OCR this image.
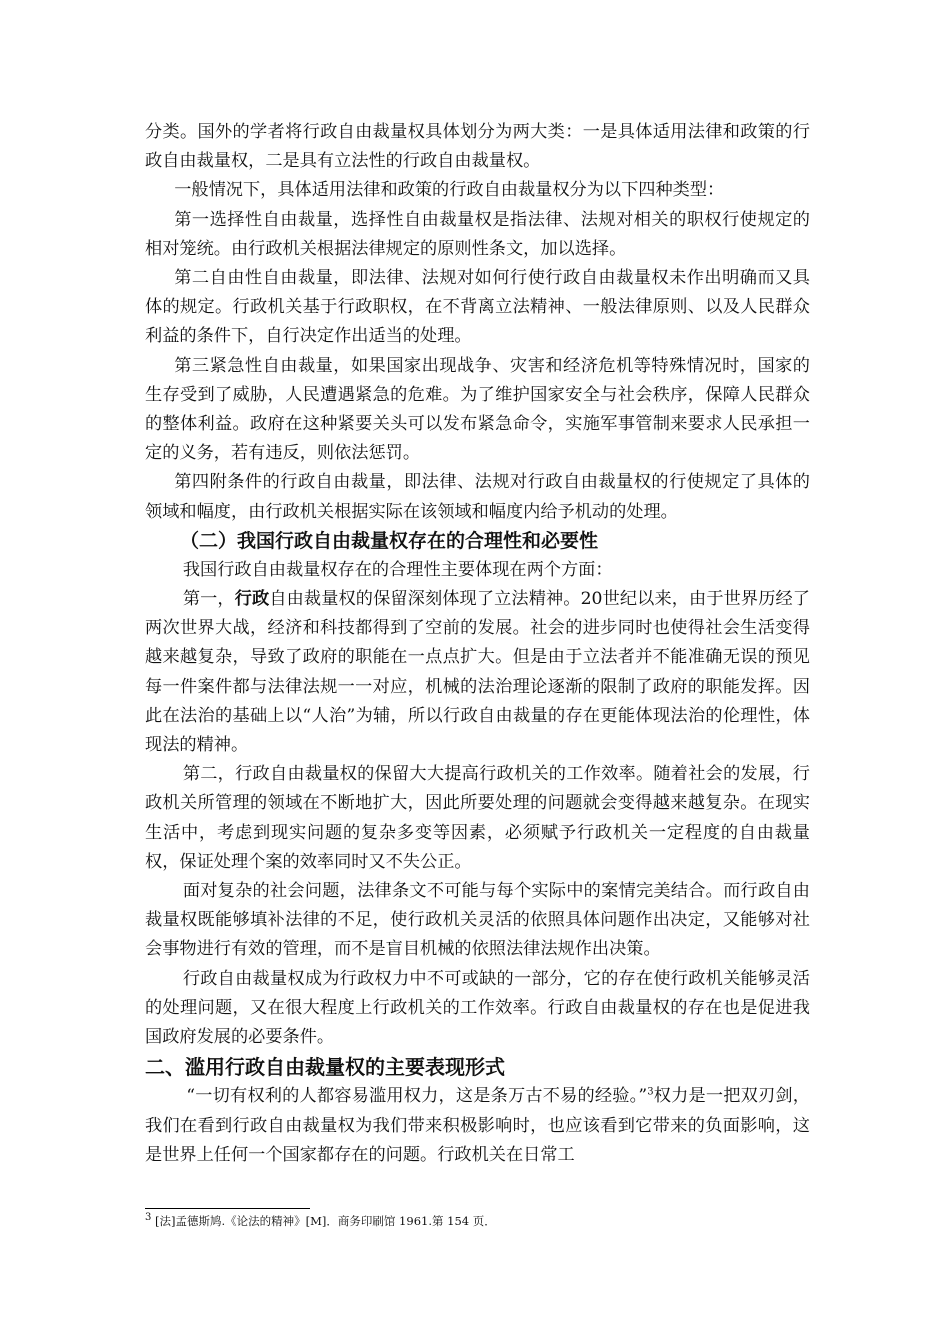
分类。国外的学者将行政自由裁量权具体划分为两大类：一是具体适用法律和政策的行政自由裁量权，二是具有立法性的行政自由裁量权。

一般情况下，具体适用法律和政策的行政自由裁量权分为以下四种类型：

第一选择性自由裁量，选择性自由裁量权是指法律、法规对相关的职权行使规定的相对笼统。由行政机关根据法律规定的原则性条文，加以选择。

第二自由性自由裁量，即法律、法规对如何行使行政自由裁量权未作出明确而又具体的规定。行政机关基于行政职权，在不背离立法精神、一般法律原则、以及人民群众利益的条件下，自行决定作出适当的处理。

第三紧急性自由裁量，如果国家出现战争、灾害和经济危机等特殊情况时，国家的生存受到了威胁，人民遭遇紧急的危难。为了维护国家安全与社会秩序，保障人民群众的整体利益。政府在这种紧要关头可以发布紧急命令，实施军事管制来要求人民承担一定的义务，若有违反，则依法惩罚。

第四附条件的行政自由裁量，即法律、法规对行政自由裁量权的行使规定了具体的领域和幅度，由行政机关根据实际在该领域和幅度内给予机动的处理。

（二）我国行政自由裁量权存在的合理性和必要性

我国行政自由裁量权存在的合理性主要体现在两个方面：

第一，行政自由裁量权的保留深刻体现了立法精神。20世纪以来，由于世界历经了两次世界大战，经济和科技都得到了空前的发展。社会的进步同时也使得社会生活变得越来越复杂，导致了政府的职能在一点点扩大。但是由于立法者并不能准确无误的预见每一件案件都与法律法规一一对应，机械的法治理论逐渐的限制了政府的职能发挥。因此在法治的基础上以“人治”为辅，所以行政自由裁量的存在更能体现法治的伦理性，体现法的精神。

第二，行政自由裁量权的保留大大提高行政机关的工作效率。随着社会的发展，行政机关所管理的领域在不断地扩大，因此所要处理的问题就会变得越来越复杂。在现实生活中，考虑到现实问题的复杂多变等因素，必须赋予行政机关一定程度的自由裁量权，保证处理个案的效率同时又不失公正。

面对复杂的社会问题，法律条文不可能与每个实际中的案情完美结合。而行政自由裁量权既能够填补法律的不足，使行政机关灵活的依照具体问题作出决定，又能够对社会事物进行有效的管理，而不是盲目机械的依照法律法规作出决策。

行政自由裁量权成为行政权力中不可或缺的一部分，它的存在使行政机关能够灵活的处理问题，又在很大程度上行政机关的工作效率。行政自由裁量权的存在也是促进我国政府发展的必要条件。

二、滥用行政自由裁量权的主要表现形式

“一切有权利的人都容易滥用权力，这是条万古不易的经验。”$^3$权力是一把双刃剑，我们在看到行政自由裁量权为我们带来积极影响时，也应该看到它带来的负面影响，这是世界上任何一个国家都存在的问题。行政机关在日常工

$^3$ [法]孟德斯鸠.《论法的精神》[M]．商务印刷馆 1961.第 154 页．
